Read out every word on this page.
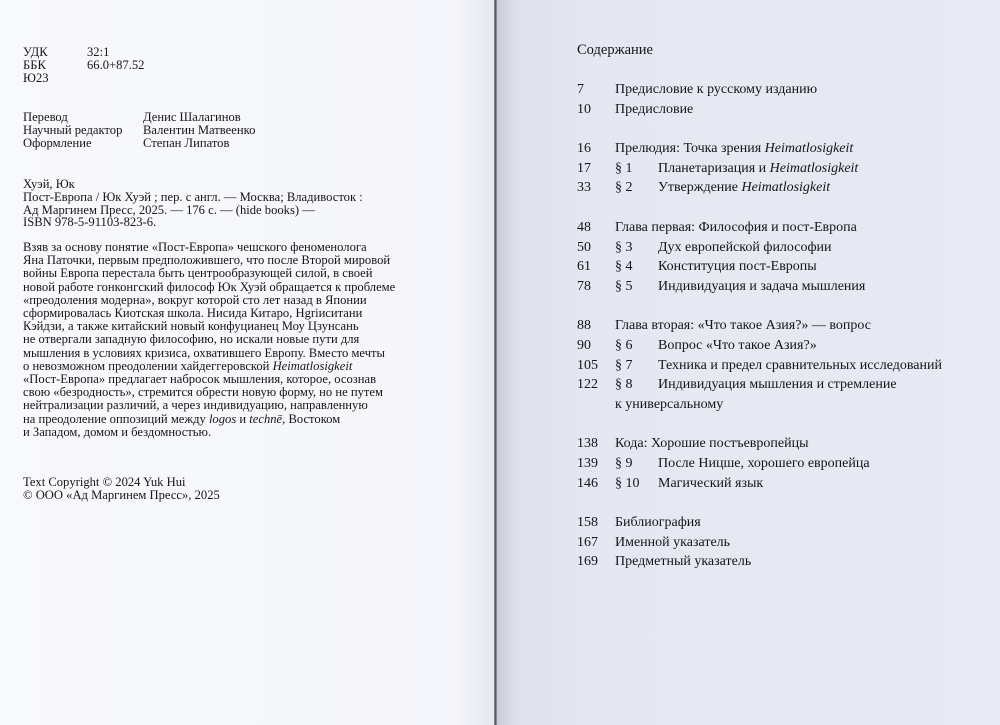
УДК	32:1
ББК	66.0+87.52
Ю23
Перевод	Денис Шалагинов
Научный редактор	Валентин Матвеенко
Оформление	Степан Липатов
Хуэй, Юк
Пост-Европа / Юк Хуэй ; пер. с англ. — Москва; Владивосток :
Ад Маргинем Пресс, 2025. — 176 с. — (hide books) —
ISBN 978-5-91103-823-6.
Взяв за основу понятие «Пост-Европа» чешского феноменолога
Яна Паточки, первым предположившего, что после Второй мировой
войны Европа перестала быть центрообразующей силой, в своей
новой работе гонконгский философ Юк Хуэй обращается к проблеме
«преодоления модерна», вокруг которой сто лет назад в Японии
сформировалась Киотская школа. Нисида Китаро, Нgriиситани
Кэйдзи, а также китайский новый конфуцианец Моу Цзунсань
не отвергали западную философию, но искали новые пути для
мышления в условиях кризиса, охватившего Европу. Вместо мечты
о невозможном преодолении хайдеггеровской Heimatlosigkeit
«Пост-Европа» предлагает набросок мышления, которое, осознав
свою «безродность», стремится обрести новую форму, но не путем
нейтрализации различий, а через индивидуацию, направленную
на преодоление оппозиций между logos и technē, Востоком
и Западом, домом и бездомностью.
Text Copyright © 2024 Yuk Hui
© ООО «Ад Маргинем Пресс», 2025
Содержание
7 Предисловие к русскому изданию
10 Предисловие
16 Прелюдия: Точка зрения Heimatlosigkeit
17 § 1 Планетаризация и Heimatlosigkeit
33 § 2 Утверждение Heimatlosigkeit
48 Глава первая: Философия и пост-Европа
50 § 3 Дух европейской философии
61 § 4 Конституция пост-Европы
78 § 5 Индивидуация и задача мышления
88 Глава вторая: «Что такое Азия?» — вопрос
90 § 6 Вопрос «Что такое Азия?»
105 § 7 Техника и предел сравнительных исследований
122 § 8 Индивидуация мышления и стремление
к универсальному
138 Кода: Хорошие постъевропейцы
139 § 9 После Ницше, хорошего европейца
146 § 10 Магический язык
158 Библиография
167 Именной указатель
169 Предметный указатель
